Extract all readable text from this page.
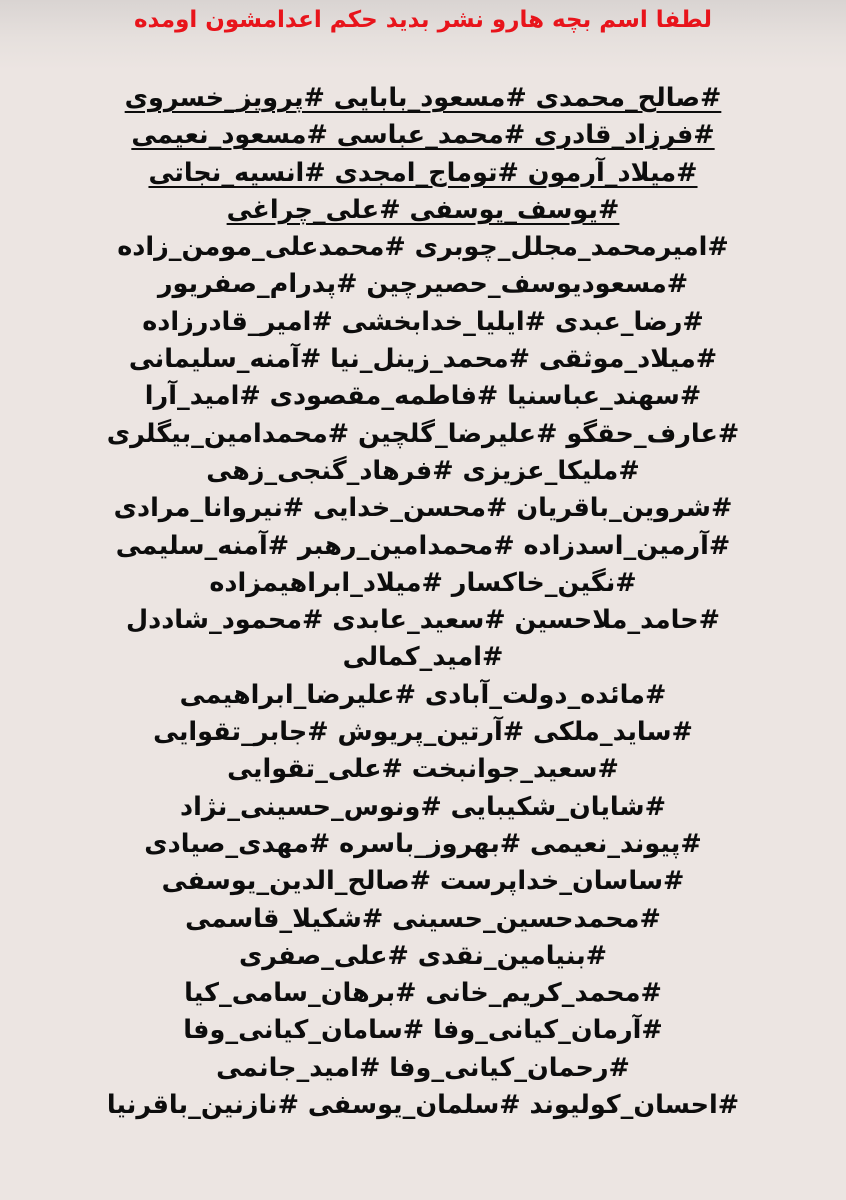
لطفا اسم بچه هارو نشر بدید حکم اعدامشون اومده
#صالح_محمدی #مسعود_بابایی #پرویز_خسروی
#فرزاد_قادری #محمد_عباسی #مسعود_نعیمی
#میلاد_آرمون #توماج_امجدی #انسیه_نجاتی
#یوسف_یوسفی #علی_چراغی
#امیرمحمد_مجلل_چوبری #محمدعلی_مومن_زاده
#مسعودیوسف_حصیرچین #پدرام_صفریور
#رضا_عبدی #ایلیا_خدابخشی #امیر_قادرزاده
#میلاد_موثقی #محمد_زینل_نیا #آمنه_سلیمانی
#سهند_عباسنیا #فاطمه_مقصودی #امید_آرا
#عارف_حقگو #علیرضا_گلچین #محمدامین_بیگلری
#ملیکا_عزیزی #فرهاد_گنجی_زهی
#شروین_باقریان #محسن_خدایی #نیروانا_مرادی
#آرمین_اسدزاده #محمدامین_رهبر #آمنه_سلیمی
#نگین_خاکسار #میلاد_ابراهیمزاده
#حامد_ملاحسین #سعید_عابدی #محمود_شاددل
#امید_کمالی
#مائده_دولت_آبادی #علیرضا_ابراهیمی
#ساید_ملکی #آرتین_پریوش #جابر_تقوایی
#سعید_جوانبخت #علی_تقوایی
#شایان_شکیبایی #ونوس_حسینی_نژاد
#پیوند_نعیمی #بهروز_باسره #مهدی_صیادی
#ساسان_خداپرست #صالح_الدین_یوسفی
#محمدحسین_حسینی #شکیلا_قاسمی
#بنیامین_نقدی #علی_صفری
#محمد_کریم_خانی #برهان_سامی_کیا
#آرمان_کیانی_وفا #سامان_کیانی_وفا
#رحمان_کیانی_وفا #امید_جانمی
#احسان_کولیوند #سلمان_یوسفی #نازنین_باقرنیا
